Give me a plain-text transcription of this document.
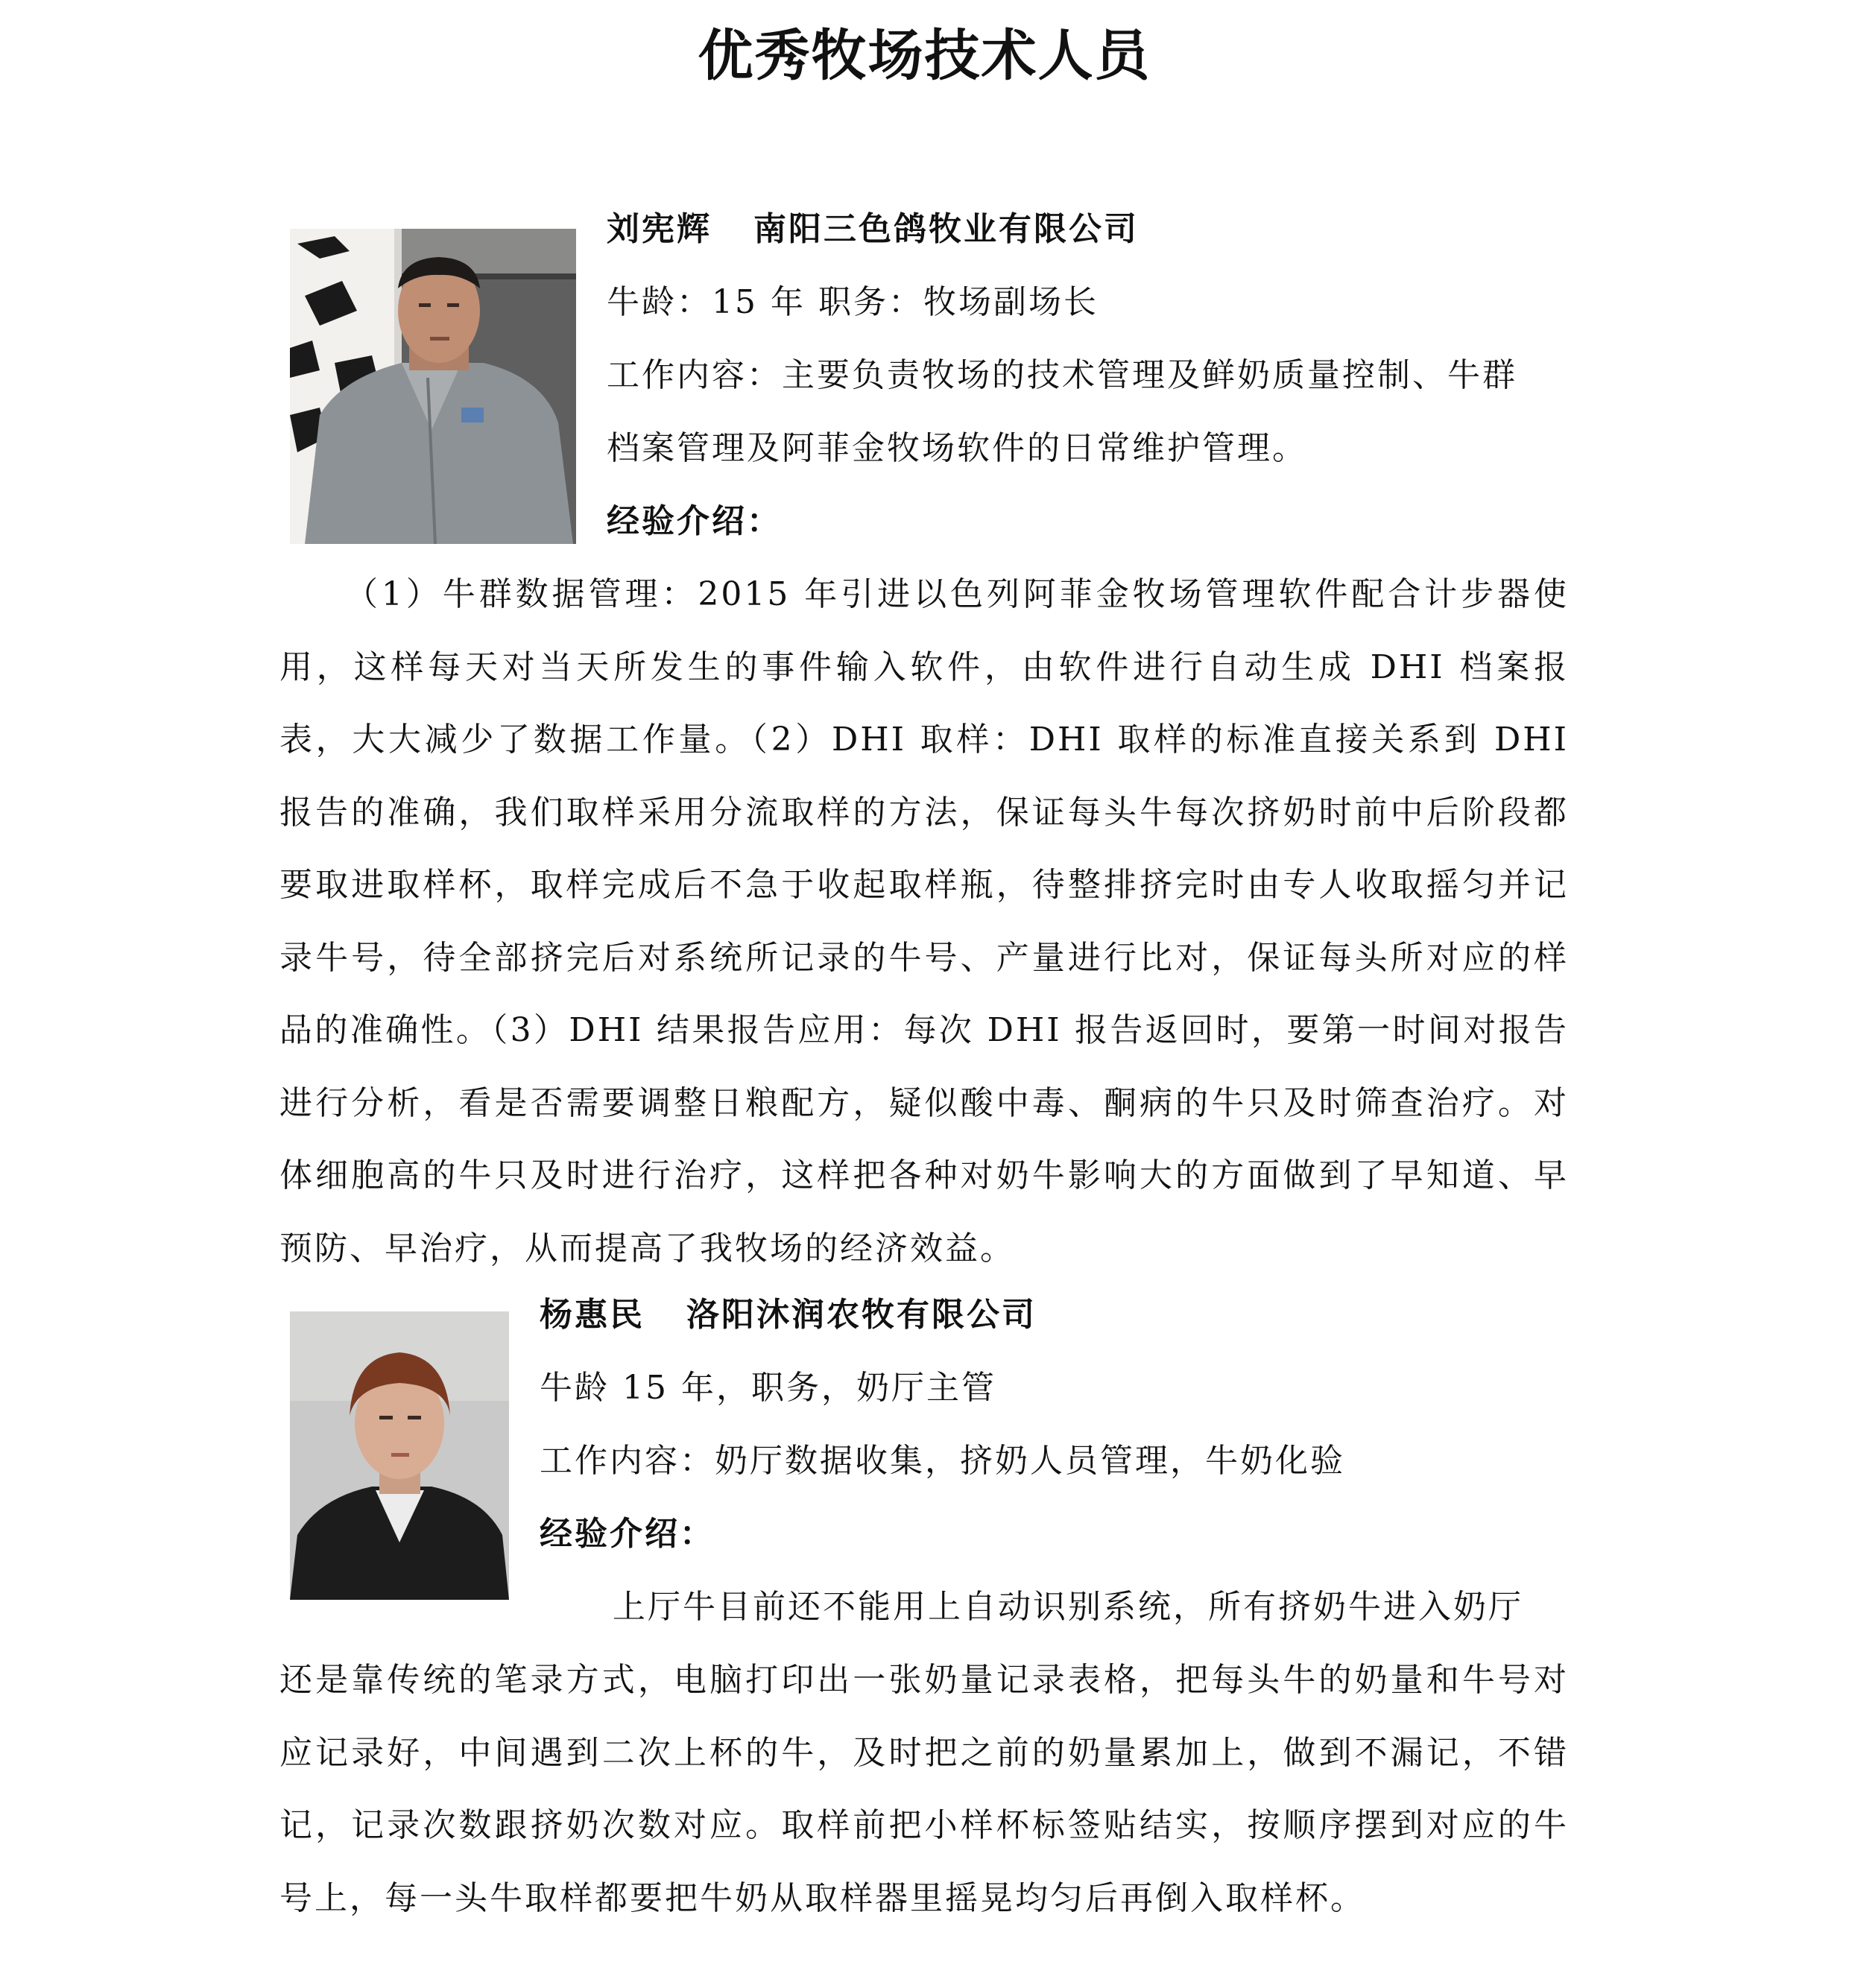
优秀牧场技术人员
刘宪辉 南阳三色鸽牧业有限公司
牛龄：15 年 职务：牧场副场长
工作内容：主要负责牧场的技术管理及鲜奶质量控制、牛群
档案管理及阿菲金牧场软件的日常维护管理。
经验介绍：

（1）牛群数据管理：2015 年引进以色列阿菲金牧场管理软件配合计步器使用，这样每天对当天所发生的事件输入软件，由软件进行自动生成 DHI 档案报表，大大减少了数据工作量。（2）DHI 取样：DHI 取样的标准直接关系到 DHI 报告的准确，我们取样采用分流取样的方法，保证每头牛每次挤奶时前中后阶段都要取进取样杯，取样完成后不急于收起取样瓶，待整排挤完时由专人收取摇匀并记录牛号，待全部挤完后对系统所记录的牛号、产量进行比对，保证每头所对应的样品的准确性。（3）DHI 结果报告应用：每次 DHI 报告返回时，要第一时间对报告进行分析，看是否需要调整日粮配方，疑似酸中毒、酮病的牛只及时筛查治疗。对体细胞高的牛只及时进行治疗，这样把各种对奶牛影响大的方面做到了早知道、早预防、早治疗，从而提高了我牧场的经济效益。

杨惠民 洛阳沐润农牧有限公司
牛龄 15 年，职务，奶厅主管
工作内容：奶厅数据收集，挤奶人员管理，牛奶化验
经验介绍：
上厅牛目前还不能用上自动识别系统，所有挤奶牛进入奶厅

还是靠传统的笔录方式，电脑打印出一张奶量记录表格，把每头牛的奶量和牛号对应记录好，中间遇到二次上杯的牛，及时把之前的奶量累加上，做到不漏记，不错记，记录次数跟挤奶次数对应。取样前把小样杯标签贴结实，按顺序摆到对应的牛号上，每一头牛取样都要把牛奶从取样器里摇晃均匀后再倒入取样杯。
